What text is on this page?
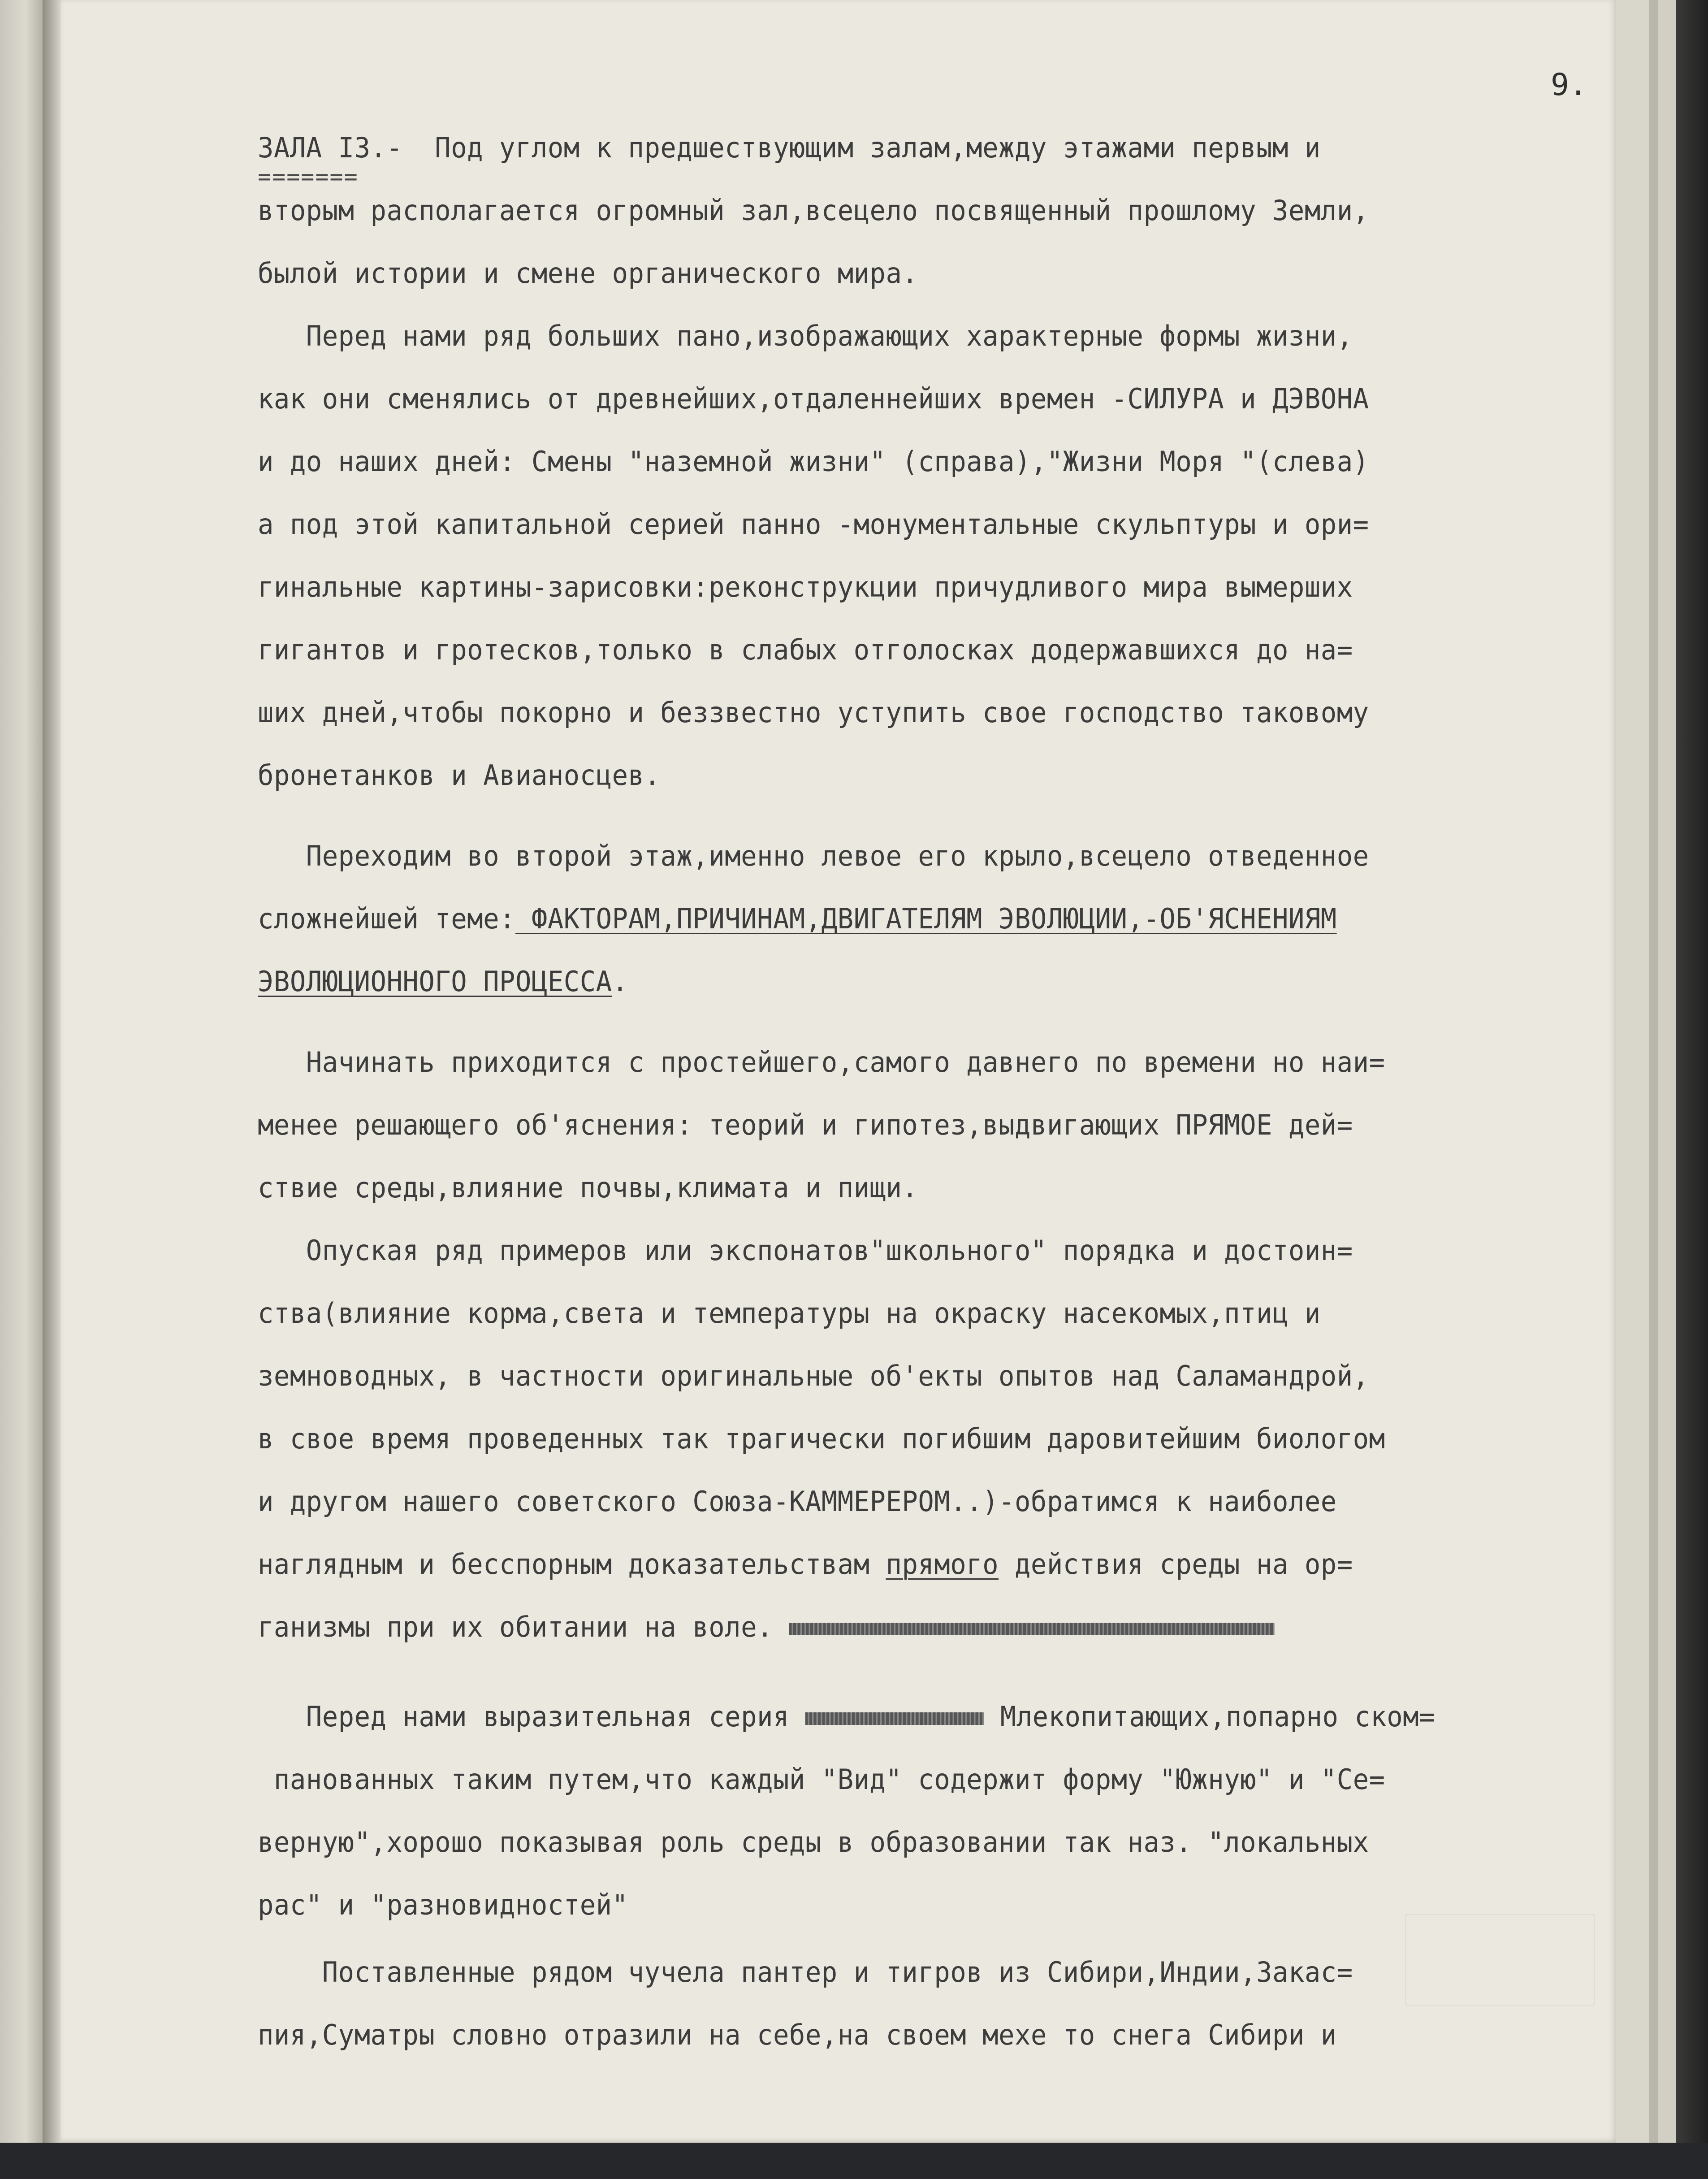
9.
ЗАЛА I3.-  Под углом к предшествующим залам,между этажами первым и
=======
вторым располагается огромный зал,всецело посвященный прошлому Земли,
былой истории и смене органического мира.
Перед нами ряд больших пано,изображающих характерные формы жизни,
как они сменялись от древнейших,отдаленнейших времен -СИЛУРА и ДЭВОНА
и до наших дней: Смены "наземной жизни" (справа),"Жизни Моря "(слева)
а под этой капитальной серией панно -монументальные скульптуры и ори=
гинальные картины-зарисовки:реконструкции причудливого мира вымерших
гигантов и гротесков,только в слабых отголосках додержавшихся до на=
ших дней,чтобы покорно и беззвестно уступить свое господство таковому
бронетанков и Авианосцев.
Переходим во второй этаж,именно левое его крыло,всецело отведенное
сложнейшей теме: ФАКТОРАМ,ПРИЧИНАМ,ДВИГАТЕЛЯМ ЭВОЛЮЦИИ,-ОБ'ЯСНЕНИЯМ
ЭВОЛЮЦИОННОГО ПРОЦЕССА.
Начинать приходится с простейшего,самого давнего по времени но наи=
менее решающего об'яснения: теорий и гипотез,выдвигающих ПРЯМОЕ дей=
ствие среды,влияние почвы,климата и пищи.
Опуская ряд примеров или экспонатов"школьного" порядка и достоин=
ства(влияние корма,света и температуры на окраску насекомых,птиц и
земноводных, в частности оригинальные об'екты опытов над Саламандрой,
в свое время проведенных так трагически погибшим даровитейшим биологом
и другом нашего советского Союза-КАММЕРЕРОМ..)-обратимся к наиболее
наглядным и бесспорным доказательствам прямого действия среды на ор=
ганизмы при их обитании на воле.
Перед нами выразительная серия	Млекопитающих,попарно ском=
панованных таким путем,что каждый "Вид" содержит форму "Южную" и "Се=
верную",хорошо показывая роль среды в образовании так наз. "локальных
рас" и "разновидностей"
Поставленные рядом чучела пантер и тигров из Сибири,Индии,Закас=
пия,Суматры словно отразили на себе,на своем мехе то снега Сибири и
